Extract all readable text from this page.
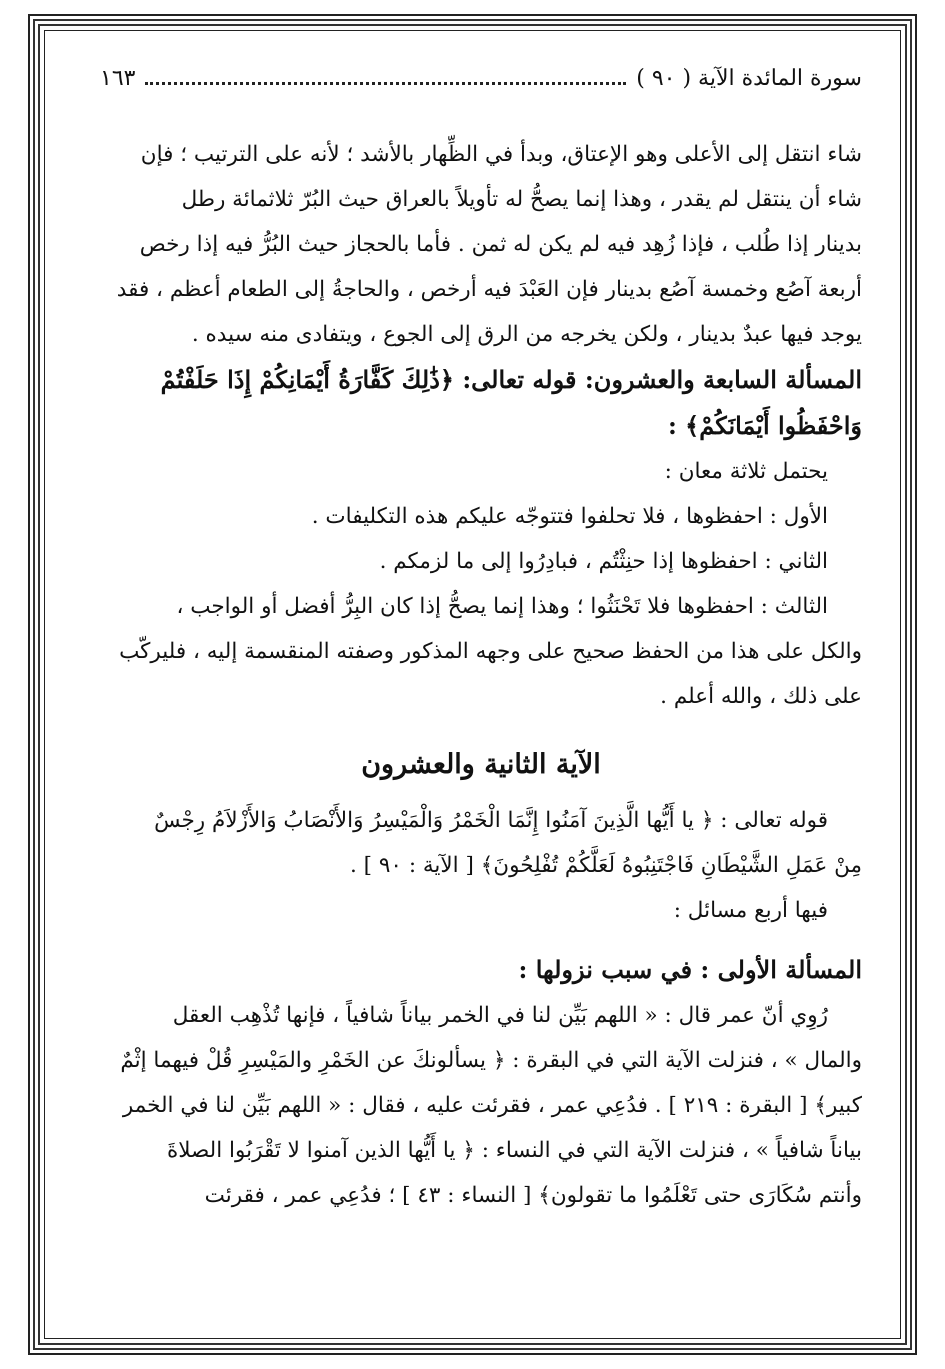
سورة المائدة الآية ( ٩٠ )
١٦٣

شاء انتقل إلى الأعلى وهو الإعتاق، وبدأ في الظِّهار بالأشد ؛ لأنه على الترتيب ؛ فإن

شاء أن ينتقل لم يقدر ، وهذا إنما يصحُّ له تأويلاً بالعراق حيث البُرّ ثلاثمائة رطل

بدينار إذا طُلب ، فإذا زُهِد فيه لم يكن له ثمن . فأما بالحجاز حيث البُرُّ فيه إذا رخص

أربعة آصُع وخمسة آصُع بدينار فإن العَبْدَ فيه أرخص ، والحاجةُ إلى الطعام أعظم ، فقد

يوجد فيها عبدٌ بدينار ، ولكن يخرجه من الرق إلى الجوع ، ويتفادى منه سيده .

المسألة السابعة والعشرون: قوله تعالى: ﴿ذَٰلِكَ كَفَّارَةُ أَيْمَانِكُمْ إِذَا حَلَفْتُمْ

وَاحْفَظُوا أَيْمَانَكُمْ﴾ :

يحتمل ثلاثة معان :

الأول : احفظوها ، فلا تحلفوا فتتوجّه عليكم هذه التكليفات .

الثاني : احفظوها إذا حنِثْتُم ، فبادِرُوا إلى ما لزمكم .

الثالث : احفظوها فلا تَحْنَثُوا ؛ وهذا إنما يصحُّ إذا كان البِرُّ أفضل أو الواجب ،

والكل على هذا من الحفظ صحيح على وجهه المذكور وصفته المنقسمة إليه ، فليركّب

على ذلك ، والله أعلم .

الآية الثانية والعشرون

قوله تعالى : ﴿ يا أَيُّها الَّذِينَ آمَنُوا إِنَّمَا الْخَمْرُ وَالْمَيْسِرُ وَالأَنْصَابُ وَالأَزْلاَمُ رِجْسٌ

مِنْ عَمَلِ الشَّيْطَانِ فَاجْتَنِبُوهُ لَعَلَّكُمْ تُفْلِحُونَ﴾ [ الآية : ٩٠ ] .

فيها أربع مسائل :

المسألة الأولى : في سبب نزولها :

رُوِي أنّ عمر قال : « اللهم بَيِّن لنا في الخمر بياناً شافياً ، فإنها تُذْهِب العقل

والمال » ، فنزلت الآية التي في البقرة : ﴿ يسألونكَ عن الخَمْرِ والمَيْسِرِ قُلْ فيهما إثْمٌ

كبير﴾ [ البقرة : ٢١٩ ] . فدُعِي عمر ، فقرئت عليه ، فقال : « اللهم بَيِّن لنا في الخمر

بياناً شافياً » ، فنزلت الآية التي في النساء : ﴿ يا أَيُّها الذين آمنوا لا تَقْرَبُوا الصلاةَ

وأنتم سُكَارَى حتى تَعْلَمُوا ما تقولون﴾ [ النساء : ٤٣ ] ؛ فدُعِي عمر ، فقرئت
